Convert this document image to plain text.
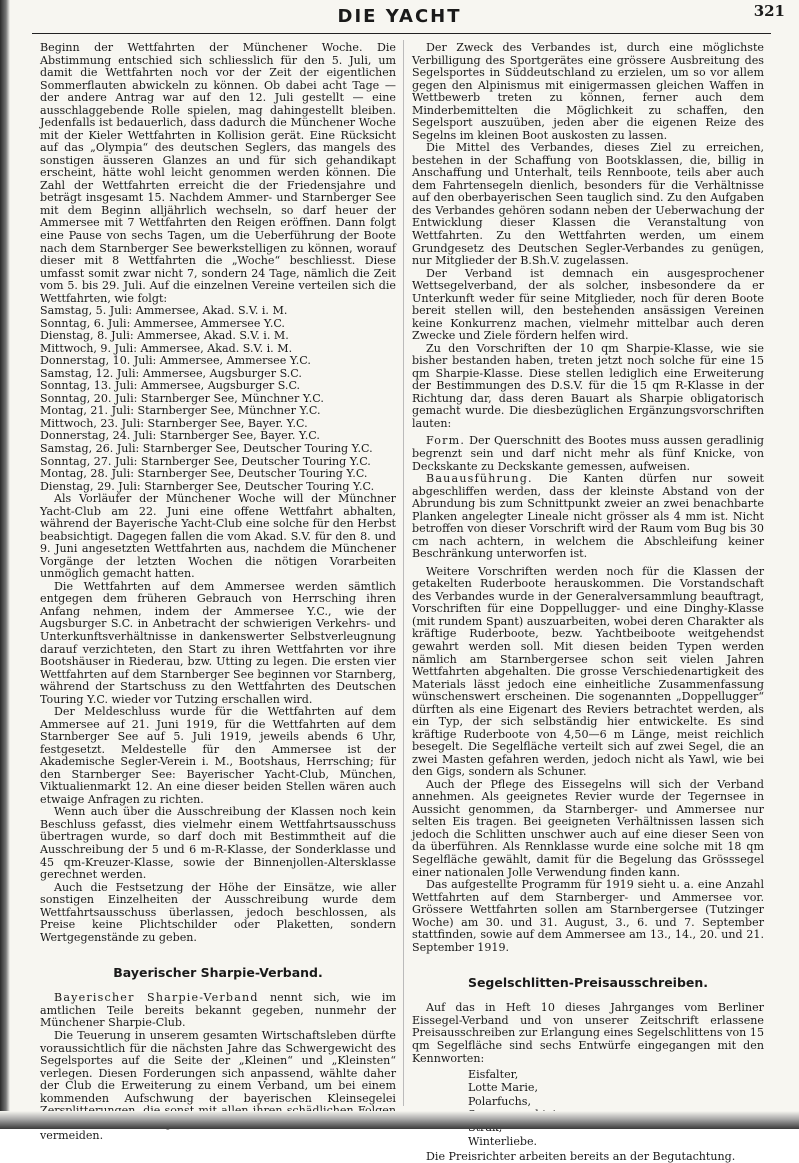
DIE YACHT	321

Beginn der Wettfahrten der Münchener Woche. Die Abstimmung entschied sich schliesslich für den 5. Juli, um damit die Wettfahrten noch vor der Zeit der eigentlichen Sommerflauten abwickeln zu können. Ob dabei acht Tage — der andere Antrag war auf den 12. Juli gestellt — eine ausschlaggebende Rolle spielen, mag dahingestellt bleiben. Jedenfalls ist bedauerlich, dass dadurch die Münchener Woche mit der Kieler Wettfahrten in Kollision gerät. Eine Rücksicht auf das „Olympia“ des deutschen Seglers, das mangels des sonstigen äusseren Glanzes an und für sich gehandikapt erscheint, hätte wohl leicht genommen werden können. Die Zahl der Wettfahrten erreicht die der Friedensjahre und beträgt insgesamt 15. Nachdem Ammer- und Starnberger See mit dem Beginn alljährlich wechseln, so darf heuer der Ammersee mit 7 Wettfahrten den Reigen eröffnen. Dann folgt eine Pause von sechs Tagen, um die Ueberführung der Boote nach dem Starnberger See bewerkstelligen zu können, worauf dieser mit 8 Wettfahrten die „Woche“ beschliesst. Diese umfasst somit zwar nicht 7, sondern 24 Tage, nämlich die Zeit vom 5. bis 29. Juli. Auf die einzelnen Vereine verteilen sich die Wettfahrten, wie folgt:

Samstag, 5. Juli: Ammersee, Akad. S.V. i. M.
Sonntag, 6. Juli: Ammersee, Ammersee Y.C.
Dienstag, 8. Juli: Ammersee, Akad. S.V. i. M.
Mittwoch, 9. Juli: Ammersee, Akad. S.V. i. M.
Donnerstag, 10. Juli: Ammersee, Ammersee Y.C.
Samstag, 12. Juli: Ammersee, Augsburger S.C.
Sonntag, 13. Juli: Ammersee, Augsburger S.C.
Sonntag, 20. Juli: Starnberger See, Münchner Y.C.
Montag, 21. Juli: Starnberger See, Münchner Y.C.
Mittwoch, 23. Juli: Starnberger See, Bayer. Y.C.
Donnerstag, 24. Juli: Starnberger See, Bayer. Y.C.
Samstag, 26. Juli: Starnberger See, Deutscher Touring Y.C.
Sonntag, 27. Juli: Starnberger See, Deutscher Touring Y.C.
Montag, 28. Juli: Starnberger See, Deutscher Touring Y.C.
Dienstag, 29. Juli: Starnberger See, Deutscher Touring Y.C.

Als Vorläufer der Münchener Woche will der Münchner Yacht-Club am 22. Juni eine offene Wettfahrt abhalten, während der Bayerische Yacht-Club eine solche für den Herbst beabsichtigt. Dagegen fallen die vom Akad. S.V. für den 8. und 9. Juni angesetzten Wettfahrten aus, nachdem die Münchener Vorgänge der letzten Wochen die nötigen Vorarbeiten unmöglich gemacht hatten.

Die Wettfahrten auf dem Ammersee werden sämtlich entgegen dem früheren Gebrauch von Herrsching ihren Anfang nehmen, indem der Ammersee Y.C., wie der Augsburger S.C. in Anbetracht der schwierigen Verkehrs- und Unterkunftsverhältnisse in dankenswerter Selbstverleugnung darauf verzichteten, den Start zu ihren Wettfahrten vor ihre Bootshäuser in Riederau, bzw. Utting zu legen. Die ersten vier Wettfahrten auf dem Starnberger See beginnen vor Starnberg, während der Startschuss zu den Wettfahrten des Deutschen Touring Y.C. wieder vor Tutzing erschallen wird.

Der Meldeschluss wurde für die Wettfahrten auf dem Ammersee auf 21. Juni 1919, für die Wettfahrten auf dem Starnberger See auf 5. Juli 1919, jeweils abends 6 Uhr, festgesetzt. Meldestelle für den Ammersee ist der Akademische Segler-Verein i. M., Bootshaus, Herrsching; für den Starnberger See: Bayerischer Yacht-Club, München, Viktualienmarkt 12. An eine dieser beiden Stellen wären auch etwaige Anfragen zu richten.

Wenn auch über die Ausschreibung der Klassen noch kein Beschluss gefasst, dies vielmehr einem Wettfahrtsausschuss übertragen wurde, so darf doch mit Bestimmtheit auf die Ausschreibung der 5 und 6 m-R-Klasse, der Sonderklasse und 45 qm-Kreuzer-Klasse, sowie der Binnenjollen-Altersklasse gerechnet werden.

Auch die Festsetzung der Höhe der Einsätze, wie aller sonstigen Einzelheiten der Ausschreibung wurde dem Wettfahrtsausschuss überlassen, jedoch beschlossen, als Preise keine Plichtschilder oder Plaketten, sondern Wertgegenstände zu geben.

Bayerischer Sharpie-Verband.

Bayerischer Sharpie-Verband nennt sich, wie im amtlichen Teile bereits bekannt gegeben, nunmehr der Münchener Sharpie-Club.

Die Teuerung in unserem gesamten Wirtschaftsleben dürfte voraussichtlich für die nächsten Jahre das Schwergewicht des Segelsportes auf die Seite der „Kleinen“ und „Kleinsten“ verlegen. Diesen Forderungen sich anpassend, wählte daher der Club die Erweiterung zu einem Verband, um bei einem kommenden Aufschwung der bayerischen Kleinsegelei vermeiden.

Der Zweck des Verbandes ist, durch eine möglichste Verbilligung des Sportgerätes eine grössere Ausbreitung des Segelsportes in Süddeutschland zu erzielen, um so vor allem gegen den Alpinismus mit einigermassen gleichen Waffen in Wettbewerb treten zu können, ferner auch dem Minderbemittelten die Möglichkeit zu schaffen, den Segelsport auszuüben, jeden aber die eigenen Reize des Segelns im kleinen Boot auskosten zu lassen.

Die Mittel des Verbandes, dieses Ziel zu erreichen, bestehen in der Schaffung von Bootsklassen, die, billig in Anschaffung und Unterhalt, teils Rennboote, teils aber auch dem Fahrtensegeln dienlich, besonders für die Verhältnisse auf den oberbayerischen Seen tauglich sind. Zu den Aufgaben des Verbandes gehören sodann neben der Ueberwachung der Entwicklung dieser Klassen die Veranstaltung von Wettfahrten. Zu den Wettfahrten werden, um einem Grundgesetz des Deutschen Segler-Verbandes zu genügen, nur Mitglieder der B.Sh.V. zugelassen.

Der Verband ist demnach ein ausgesprochener Wettsegelverband, der als solcher, insbesondere da er Unterkunft weder für seine Mitglieder, noch für deren Boote bereit stellen will, den bestehenden ansässigen Vereinen keine Konkurrenz machen, vielmehr mittelbar auch deren Zwecke und Ziele fördern helfen wird.

Zu den Vorschriften der 10 qm Sharpie-Klasse, wie sie bisher bestanden haben, treten jetzt noch solche für eine 15 qm Sharpie-Klasse. Diese stellen lediglich eine Erweiterung der Bestimmungen des D.S.V. für die 15 qm R-Klasse in der Richtung dar, dass deren Bauart als Sharpie obligatorisch gemacht wurde. Die diesbezüglichen Ergänzungsvorschriften lauten:

Form. Der Querschnitt des Bootes muss aussen geradlinig begrenzt sein und darf nicht mehr als fünf Knicke, von Deckskante zu Deckskante gemessen, aufweisen.

Bauausführung. Die Kanten dürfen nur soweit abgeschliffen werden, dass der kleinste Abstand von der Abrundung bis zum Schnittpunkt zweier an zwei benachbarte Planken angelegter Lineale nicht grösser als 4 mm ist. Nicht betroffen von dieser Vorschrift wird der Raum vom Bug bis 30 cm nach achtern, in welchem die Abschleifung keiner Beschränkung unterworfen ist.

Weitere Vorschriften werden noch für die Klassen der getakelten Ruderboote herauskommen. Die Vorstandschaft des Verbandes wurde in der Generalversammlung beauftragt, Vorschriften für eine Doppellugger- und eine Dinghy-Klasse (mit rundem Spant) auszuarbeiten, wobei deren Charakter als kräftige Ruderboote, bezw. Yachtbeiboote weitgehendst gewahrt werden soll. Mit diesen beiden Typen werden nämlich am Starnbergersee schon seit vielen Jahren Wettfahrten abgehalten. Die grosse Verschiedenartigkeit des Materials lässt jedoch eine einheitliche Zusammenfassung wünschenswert erscheinen. Die sogenannten „Doppellugger“ dürften als eine Eigenart des Reviers betrachtet werden, als ein Typ, der sich selbständig hier entwickelte. Es sind kräftige Ruderboote von 4,50—6 m Länge, meist reichlich besegelt. Die Segelfläche verteilt sich auf zwei Segel, die an zwei Masten gefahren werden, jedoch nicht als Yawl, wie bei den Gigs, sondern als Schuner.

Auch der Pflege des Eissegelns will sich der Verband annehmen. Als geeignetes Revier wurde der Tegernsee in Aussicht genommen, da Starnberger- und Ammersee nur selten Eis tragen. Bei geeigneten Verhältnissen lassen sich jedoch die Schlitten unschwer auch auf eine dieser Seen von da überführen. Als Rennklasse wurde eine solche mit 18 qm Segelfläche gewählt, damit für die Begelung das Grösssegel einer nationalen Jolle Verwendung finden kann.

Das aufgestellte Programm für 1919 sieht u. a. eine Anzahl Wettfahrten auf dem Starnberger- und Ammersee vor. Grössere Wettfahrten sollen am Starnbergersee (Tutzinger Woche) am 30. und 31. August, 3., 6. und 7. September stattfinden, sowie auf dem Ammersee am 13., 14., 20. und 21. September 1919.

Segelschlitten-Preisausschreiben.

Auf das in Heft 10 dieses Jahrganges vom Berliner Eissegel-Verband und von unserer Zeitschrift erlassene Preisausschreiben zur Erlangung eines Segelschlittens von 15 qm Segelfläche sind sechs Entwürfe eingegangen mit den Kennworten:

Eisfalter,
Lotte Marie,
Polarfuchs,
Winterliebe.

Die Preisrichter arbeiten bereits an der Begutachtung.
